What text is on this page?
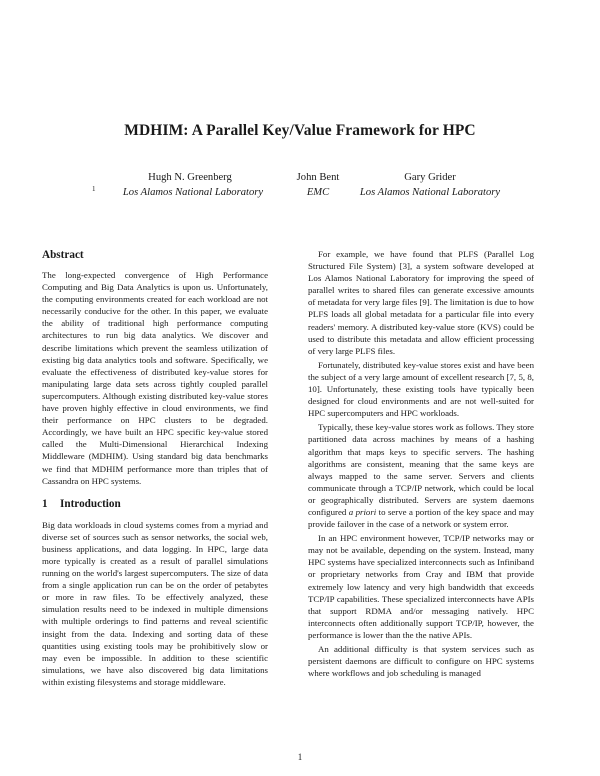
MDHIM: A Parallel Key/Value Framework for HPC
Hugh N. Greenberg
1	Los Alamos National Laboratory
John Bent
EMC
Gary Grider
Los Alamos National Laboratory
Abstract

The long-expected convergence of High Performance Computing and Big Data Analytics is upon us. Unfortunately, the computing environments created for each workload are not necessarily conducive for the other. In this paper, we evaluate the ability of traditional high performance computing architectures to run big data analytics. We discover and describe limitations which prevent the seamless utilization of existing big data analytics tools and software. Specifically, we evaluate the effectiveness of distributed key-value stores for manipulating large data sets across tightly coupled parallel supercomputers. Although existing distributed key-value stores have proven highly effective in cloud environments, we find their performance on HPC clusters to be degraded. Accordingly, we have built an HPC specific key-value stored called the Multi-Dimensional Hierarchical Indexing Middleware (MDHIM). Using standard big data benchmarks we find that MDHIM performance more than triples that of Cassandra on HPC systems.

1 Introduction

Big data workloads in cloud systems comes from a myriad and diverse set of sources such as sensor networks, the social web, business applications, and data logging. In HPC, large data more typically is created as a result of parallel simulations running on the world's largest supercomputers. The size of data from a single application run can be on the order of petabytes or more in raw files. To be effectively analyzed, these simulation results need to be indexed in multiple dimensions with multiple orderings to find patterns and reveal scientific insight from the data. Indexing and sorting data of these quantities using existing tools may be prohibitively slow or may even be impossible. In addition to these scientific simulations, we have also discovered big data limitations within existing filesystems and storage middleware.

For example, we have found that PLFS (Parallel Log Structured File System) [3], a system software developed at Los Alamos National Laboratory for improving the speed of parallel writes to shared files can generate excessive amounts of metadata for very large files [9]. The limitation is due to how PLFS loads all global metadata for a particular file into every readers' memory. A distributed key-value store (KVS) could be used to distribute this metadata and allow efficient processing of very large PLFS files.

Fortunately, distributed key-value stores exist and have been the subject of a very large amount of excellent research [7, 5, 8, 10]. Unfortunately, these existing tools have typically been designed for cloud environments and are not well-suited for HPC supercomputers and HPC workloads.

Typically, these key-value stores work as follows. They store partitioned data across machines by means of a hashing algorithm that maps keys to specific servers. The hashing algorithms are consistent, meaning that the same keys are always mapped to the same server. Servers and clients communicate through a TCP/IP network, which could be local or geographically distributed. Servers are system daemons configured a priori to serve a portion of the key space and may provide failover in the case of a network or system error.

In an HPC environment however, TCP/IP networks may or may not be available, depending on the system. Instead, many HPC systems have specialized interconnects such as Infiniband or proprietary networks from Cray and IBM that provide extremely low latency and very high bandwidth that exceeds TCP/IP capabilities. These specialized interconnects have APIs that support RDMA and/or messaging natively. HPC interconnects often additionally support TCP/IP, however, the performance is lower than the the native APIs.

An additional difficulty is that system services such as persistent daemons are difficult to configure on HPC systems where workflows and job scheduling is managed

1
